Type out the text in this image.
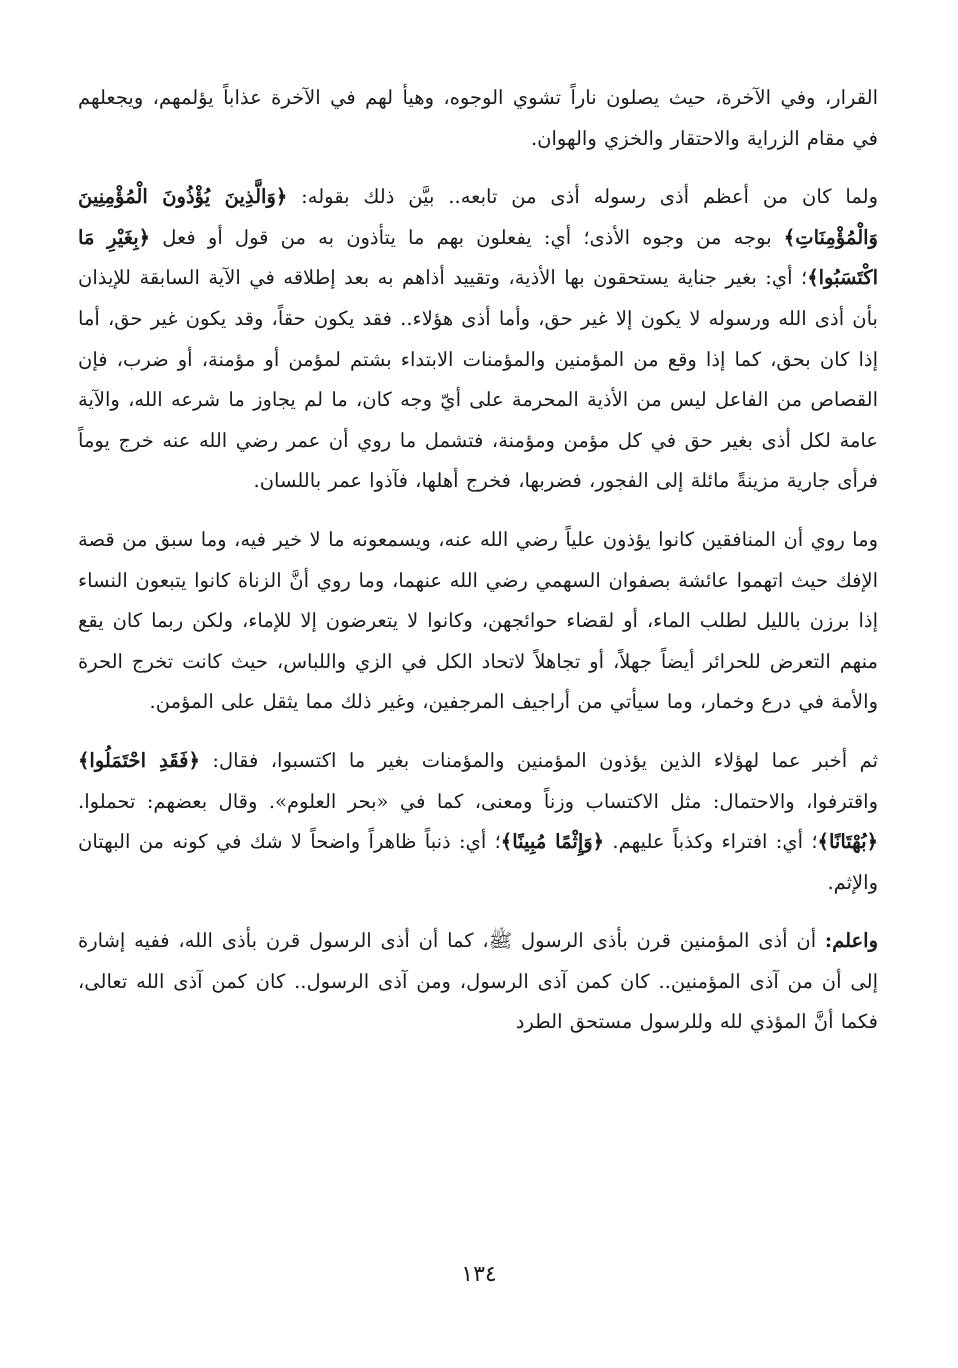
القرار، وفي الآخرة، حيث يصلون ناراً تشوي الوجوه، وهيأ لهم في الآخرة عذاباً يؤلمهم، ويجعلهم في مقام الزراية والاحتقار والخزي والهوان.

ولما كان من أعظم أذى رسوله أذى من تابعه.. بيَّن ذلك بقوله: ﴿وَالَّذِينَ يُؤْذُونَ الْمُؤْمِنِينَ وَالْمُؤْمِنَاتِ﴾ بوجه من وجوه الأذى؛ أي: يفعلون بهم ما يتأذون به من قول أو فعل ﴿بِغَيْرِ مَا اكْتَسَبُوا﴾؛ أي: بغير جناية يستحقون بها الأذية، وتقييد أذاهم به بعد إطلاقه في الآية السابقة للإيذان بأن أذى الله ورسوله لا يكون إلا غير حق، وأما أذى هؤلاء.. فقد يكون حقاً، وقد يكون غير حق، أما إذا كان بحق، كما إذا وقع من المؤمنين والمؤمنات الابتداء بشتم لمؤمن أو مؤمنة، أو ضرب، فإن القصاص من الفاعل ليس من الأذية المحرمة على أيّ وجه كان، ما لم يجاوز ما شرعه الله، والآية عامة لكل أذى بغير حق في كل مؤمن ومؤمنة، فتشمل ما روي أن عمر رضي الله عنه خرج يوماً فرأى جارية مزينةً مائلة إلى الفجور، فضربها، فخرج أهلها، فآذوا عمر باللسان.

وما روي أن المنافقين كانوا يؤذون علياً رضي الله عنه، ويسمعونه ما لا خير فيه، وما سبق من قصة الإفك حيث اتهموا عائشة بصفوان السهمي رضي الله عنهما، وما روي أنَّ الزناة كانوا يتبعون النساء إذا برزن بالليل لطلب الماء، أو لقضاء حوائجهن، وكانوا لا يتعرضون إلا للإماء، ولكن ربما كان يقع منهم التعرض للحرائر أيضاً جهلاً، أو تجاهلاً لاتحاد الكل في الزي واللباس، حيث كانت تخرج الحرة والأمة في درع وخمار، وما سيأتي من أراجيف المرجفين، وغير ذلك مما يثقل على المؤمن.

ثم أخبر عما لهؤلاء الذين يؤذون المؤمنين والمؤمنات بغير ما اكتسبوا، فقال: ﴿فَقَدِ احْتَمَلُوا﴾ واقترفوا، والاحتمال: مثل الاكتساب وزناً ومعنى، كما في «بحر العلوم». وقال بعضهم: تحملوا. ﴿بُهْتَانًا﴾؛ أي: افتراء وكذباً عليهم. ﴿وَإِثْمًا مُبِينًا﴾؛ أي: ذنباً ظاهراً واضحاً لا شك في كونه من البهتان والإثم.

واعلم: أن أذى المؤمنين قرن بأذى الرسول ﷺ، كما أن أذى الرسول قرن بأذى الله، ففيه إشارة إلى أن من آذى المؤمنين.. كان كمن آذى الرسول، ومن آذى الرسول.. كان كمن آذى الله تعالى، فكما أنَّ المؤذي لله وللرسول مستحق الطرد

١٣٤
